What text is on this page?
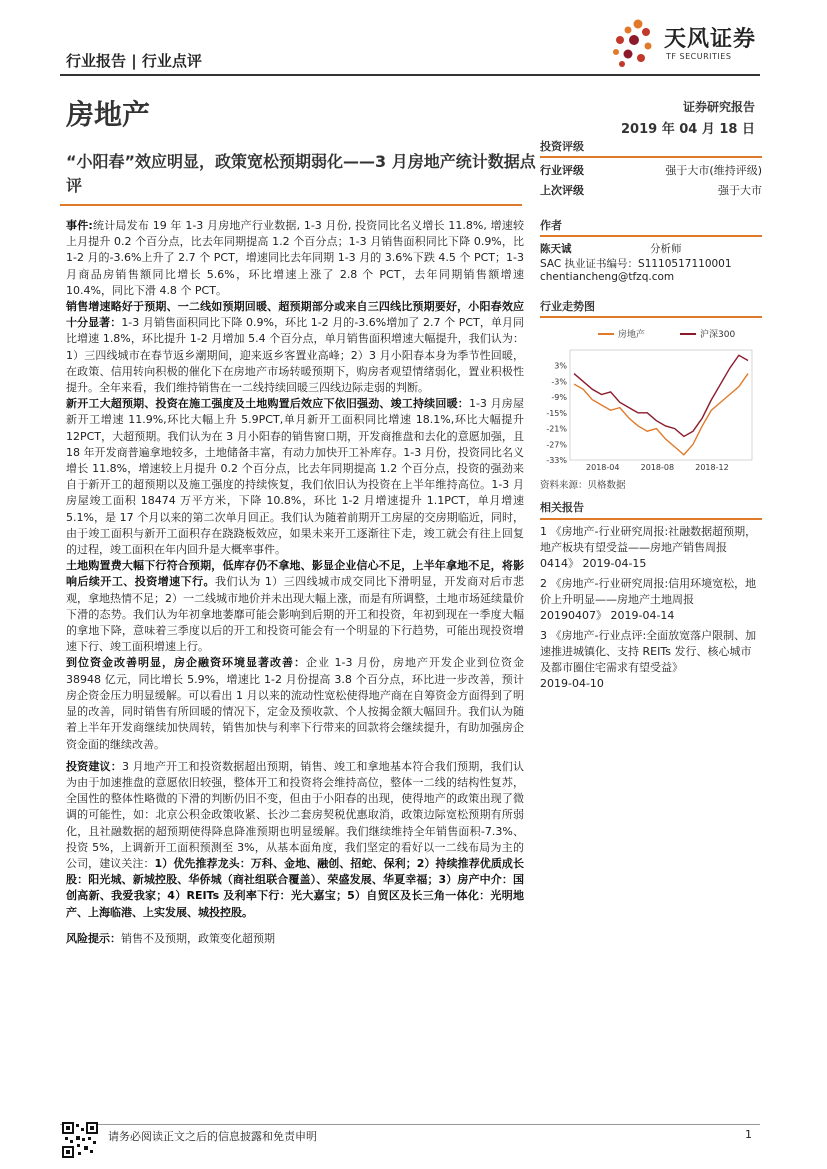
行业报告 | 行业点评
天风证券
TF SECURITIES
房地产	证券研究报告
2019 年 04 月 18 日
“小阳春”效应明显，政策宽松预期弱化——3 月房地产统计数据点评

事件:统计局发布 19 年 1-3 月房地产行业数据, 1-3 月份, 投资同比名义增长 11.8%, 增速较上月提升 0.2 个百分点，比去年同期提高 1.2 个百分点；1-3 月销售面积同比下降 0.9%，比 1-2 月的-3.6%上升了 2.7 个 PCT，增速同比去年同期 1-3 月的 3.6%下跌 4.5 个 PCT；1-3 月商品房销售额同比增长 5.6%，环比增速上涨了 2.8 个 PCT，去年同期销售额增速 10.4%，同比下滑 4.8 个 PCT。

销售增速略好于预期、一二线如预期回暖、超预期部分或来自三四线比预期要好，小阳春效应十分显著：1-3 月销售面积同比下降 0.9%，环比 1-2 月的-3.6%增加了 2.7 个 PCT，单月同比增速 1.8%，环比提升 1-2 月增加 5.4 个百分点，单月销售面积增速大幅提升，我们认为：1）三四线城市在春节返乡潮期间，迎来返乡客置业高峰；2）3 月小阳春本身为季节性回暖，在政策、信用转向积极的催化下在房地产市场转暖预期下，购房者观望情绪弱化，置业积极性提升。全年来看，我们维持销售在一二线持续回暖三四线边际走弱的判断。

新开工大超预期、投资在施工强度及土地购置后效应下依旧强劲、竣工持续回暖：1-3 月房屋新开工增速 11.9%,环比大幅上升 5.9PCT,单月新开工面积同比增速 18.1%,环比大幅提升 12PCT，大超预期。我们认为在 3 月小阳春的销售窗口期，开发商推盘和去化的意愿加强，且 18 年开发商普遍拿地较多，土地储备丰富，有动力加快开工补库存。1-3 月份，投资同比名义增长 11.8%，增速较上月提升 0.2 个百分点，比去年同期提高 1.2 个百分点，投资的强劲来自于新开工的超预期以及施工强度的持续恢复，我们依旧认为投资在上半年维持高位。1-3 月房屋竣工面积 18474 万平方米，下降 10.8%，环比 1-2 月增速提升 1.1PCT，单月增速 5.1%，是 17 个月以来的第二次单月回正。我们认为随着前期开工房屋的交房期临近，同时，由于竣工面积与新开工面积存在跷跷板效应，如果未来开工逐渐往下走，竣工就会有往上回复的过程，竣工面积在年内回升是大概率事件。

土地购置费大幅下行符合预期，低库存仍不拿地、影显企业信心不足，上半年拿地不足，将影响后续开工、投资增速下行。我们认为 1）三四线城市成交同比下滑明显，开发商对后市悲观，拿地热情不足；2）一二线城市地价并未出现大幅上涨，而是有所调整，土地市场延续量价下滑的态势。我们认为年初拿地萎靡可能会影响到后期的开工和投资，年初到现在一季度大幅的拿地下降，意味着三季度以后的开工和投资可能会有一个明显的下行趋势，可能出现投资增速下行、竣工面积增速上行。

到位资金改善明显，房企融资环境显著改善：企业 1-3 月份，房地产开发企业到位资金 38948 亿元，同比增长 5.9%，增速比 1-2 月份提高 3.8 个百分点，环比进一步改善，预计房企资金压力明显缓解。可以看出 1 月以来的流动性宽松使得地产商在自筹资金方面得到了明显的改善，同时销售有所回暖的情况下，定金及预收款、个人按揭金额大幅回升。我们认为随着上半年开发商继续加快周转，销售加快与利率下行带来的回款将会继续提升，有助加强房企资金面的继续改善。

投资建议：3 月地产开工和投资数据超出预期，销售、竣工和拿地基本符合我们预期，我们认为由于加速推盘的意愿依旧较强，整体开工和投资将会维持高位，整体一二线的结构性复苏，全国性的整体性略微的下滑的判断仍旧不变，但由于小阳春的出现，使得地产的政策出现了微调的可能性，如：北京公积金政策收紧、长沙二套房契税优惠取消，政策边际宽松预期有所弱化，且社融数据的超预期使得降息降准预期也明显缓解。我们继续维持全年销售面积-7.3%、投资 5%，上调新开工面积预测至 3%，从基本面角度，我们坚定的看好以一二线布局为主的公司，建议关注：1）优先推荐龙头：万科、金地、融创、招蛇、保利；2）持续推荐优质成长股：阳光城、新城控股、华侨城（商社组联合覆盖）、荣盛发展、华夏幸福；3）房产中介：国创高新、我爱我家；4）REITs 及利率下行：光大嘉宝；5）自贸区及长三角一体化：光明地产、上海临港、上实发展、城投控股。

风险提示：销售不及预期，政策变化超预期

投资评级
行业评级	强于大市(维持评级)
上次评级	强于大市
作者
陈天诚	分析师
SAC 执业证书编号：S1110517110001
chentiancheng@tfzq.com
行业走势图
3%
-3%
-9%
-15%
-21%
-27%
-33%
2018-04	2018-08	2018-12
房地产	沪深300
资料来源：贝格数据
相关报告
1 《房地产-行业研究周报:社融数据超预期，地产板块有望受益——房地产销售周报 0414》 2019-04-15
2 《房地产-行业研究周报:信用环境宽松，地价上升明显——房地产土地周报 20190407》 2019-04-14
3 《房地产-行业点评:全面放宽落户限制、加速推进城镇化、支持 REITs 发行、核心城市及都市圈住宅需求有望受益》
2019-04-10
请务必阅读正文之后的信息披露和免责申明	1
